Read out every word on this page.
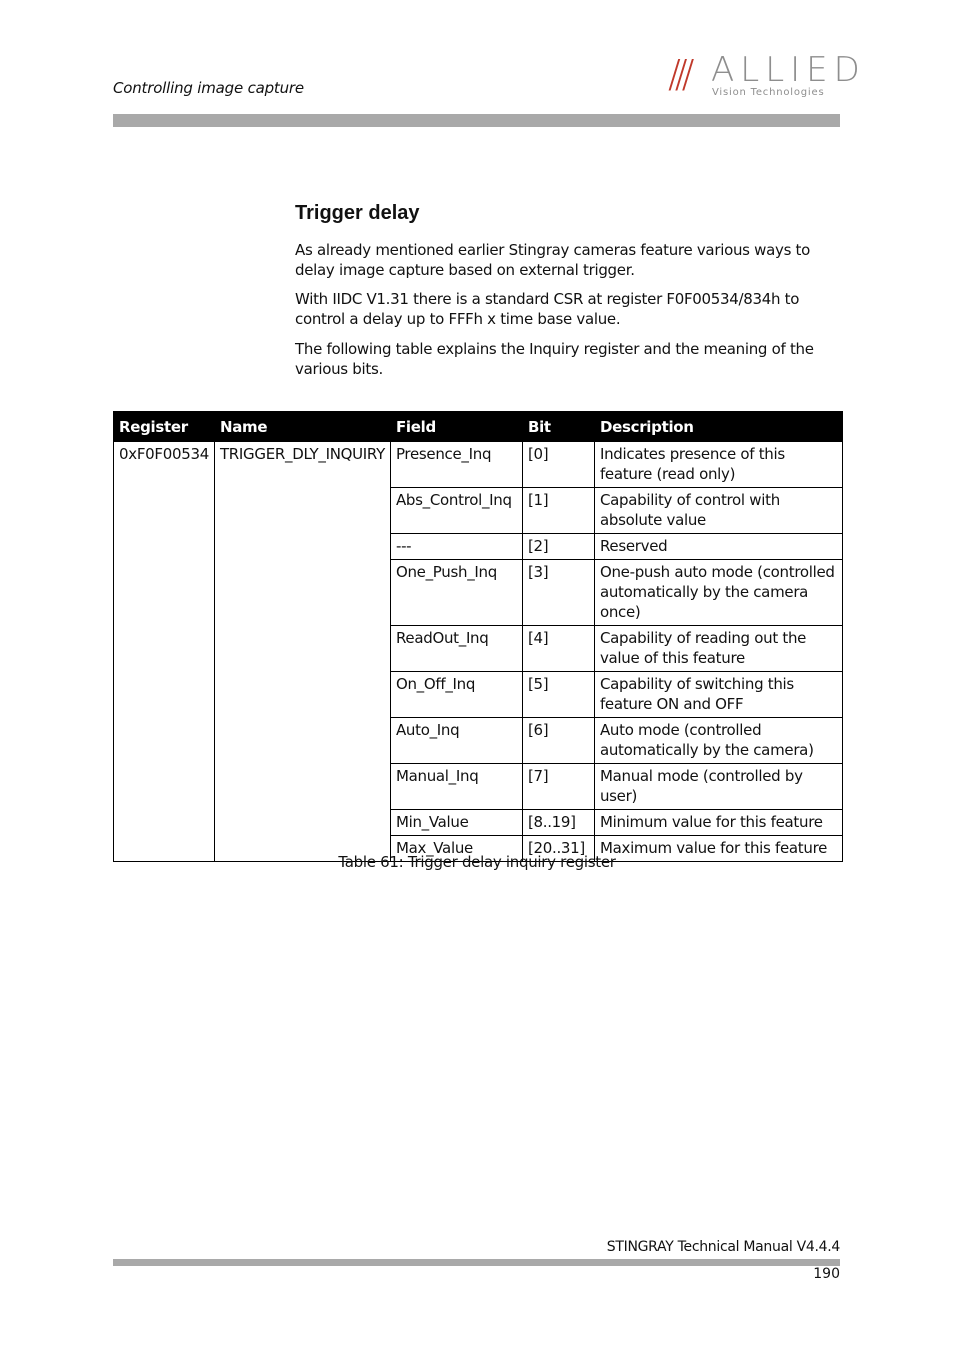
Controlling image capture	/// ALLIED
Vision Technologies
Trigger delay
As already mentioned earlier Stingray cameras feature various ways to delay image capture based on external trigger.
With IIDC V1.31 there is a standard CSR at register F0F00534/834h to control a delay up to FFFh x time base value.
The following table explains the Inquiry register and the meaning of the various bits.
Register	Name	Field	Bit	Description
0xF0F00534	TRIGGER_DLY_INQUIRY	Presence_Inq	[0]	Indicates presence of this feature (read only)
		Abs_Control_Inq	[1]	Capability of control with absolute value
		---	[2]	Reserved
		One_Push_Inq	[3]	One-push auto mode (controlled automatically by the camera once)
		ReadOut_Inq	[4]	Capability of reading out the value of this feature
		On_Off_Inq	[5]	Capability of switching this feature ON and OFF
		Auto_Inq	[6]	Auto mode (controlled automatically by the camera)
		Manual_Inq	[7]	Manual mode (controlled by user)
		Min_Value	[8..19]	Minimum value for this feature
		Max_Value	[20..31]	Maximum value for this feature
Table 61: Trigger delay inquiry register
STINGRAY Technical Manual V4.4.4
190
